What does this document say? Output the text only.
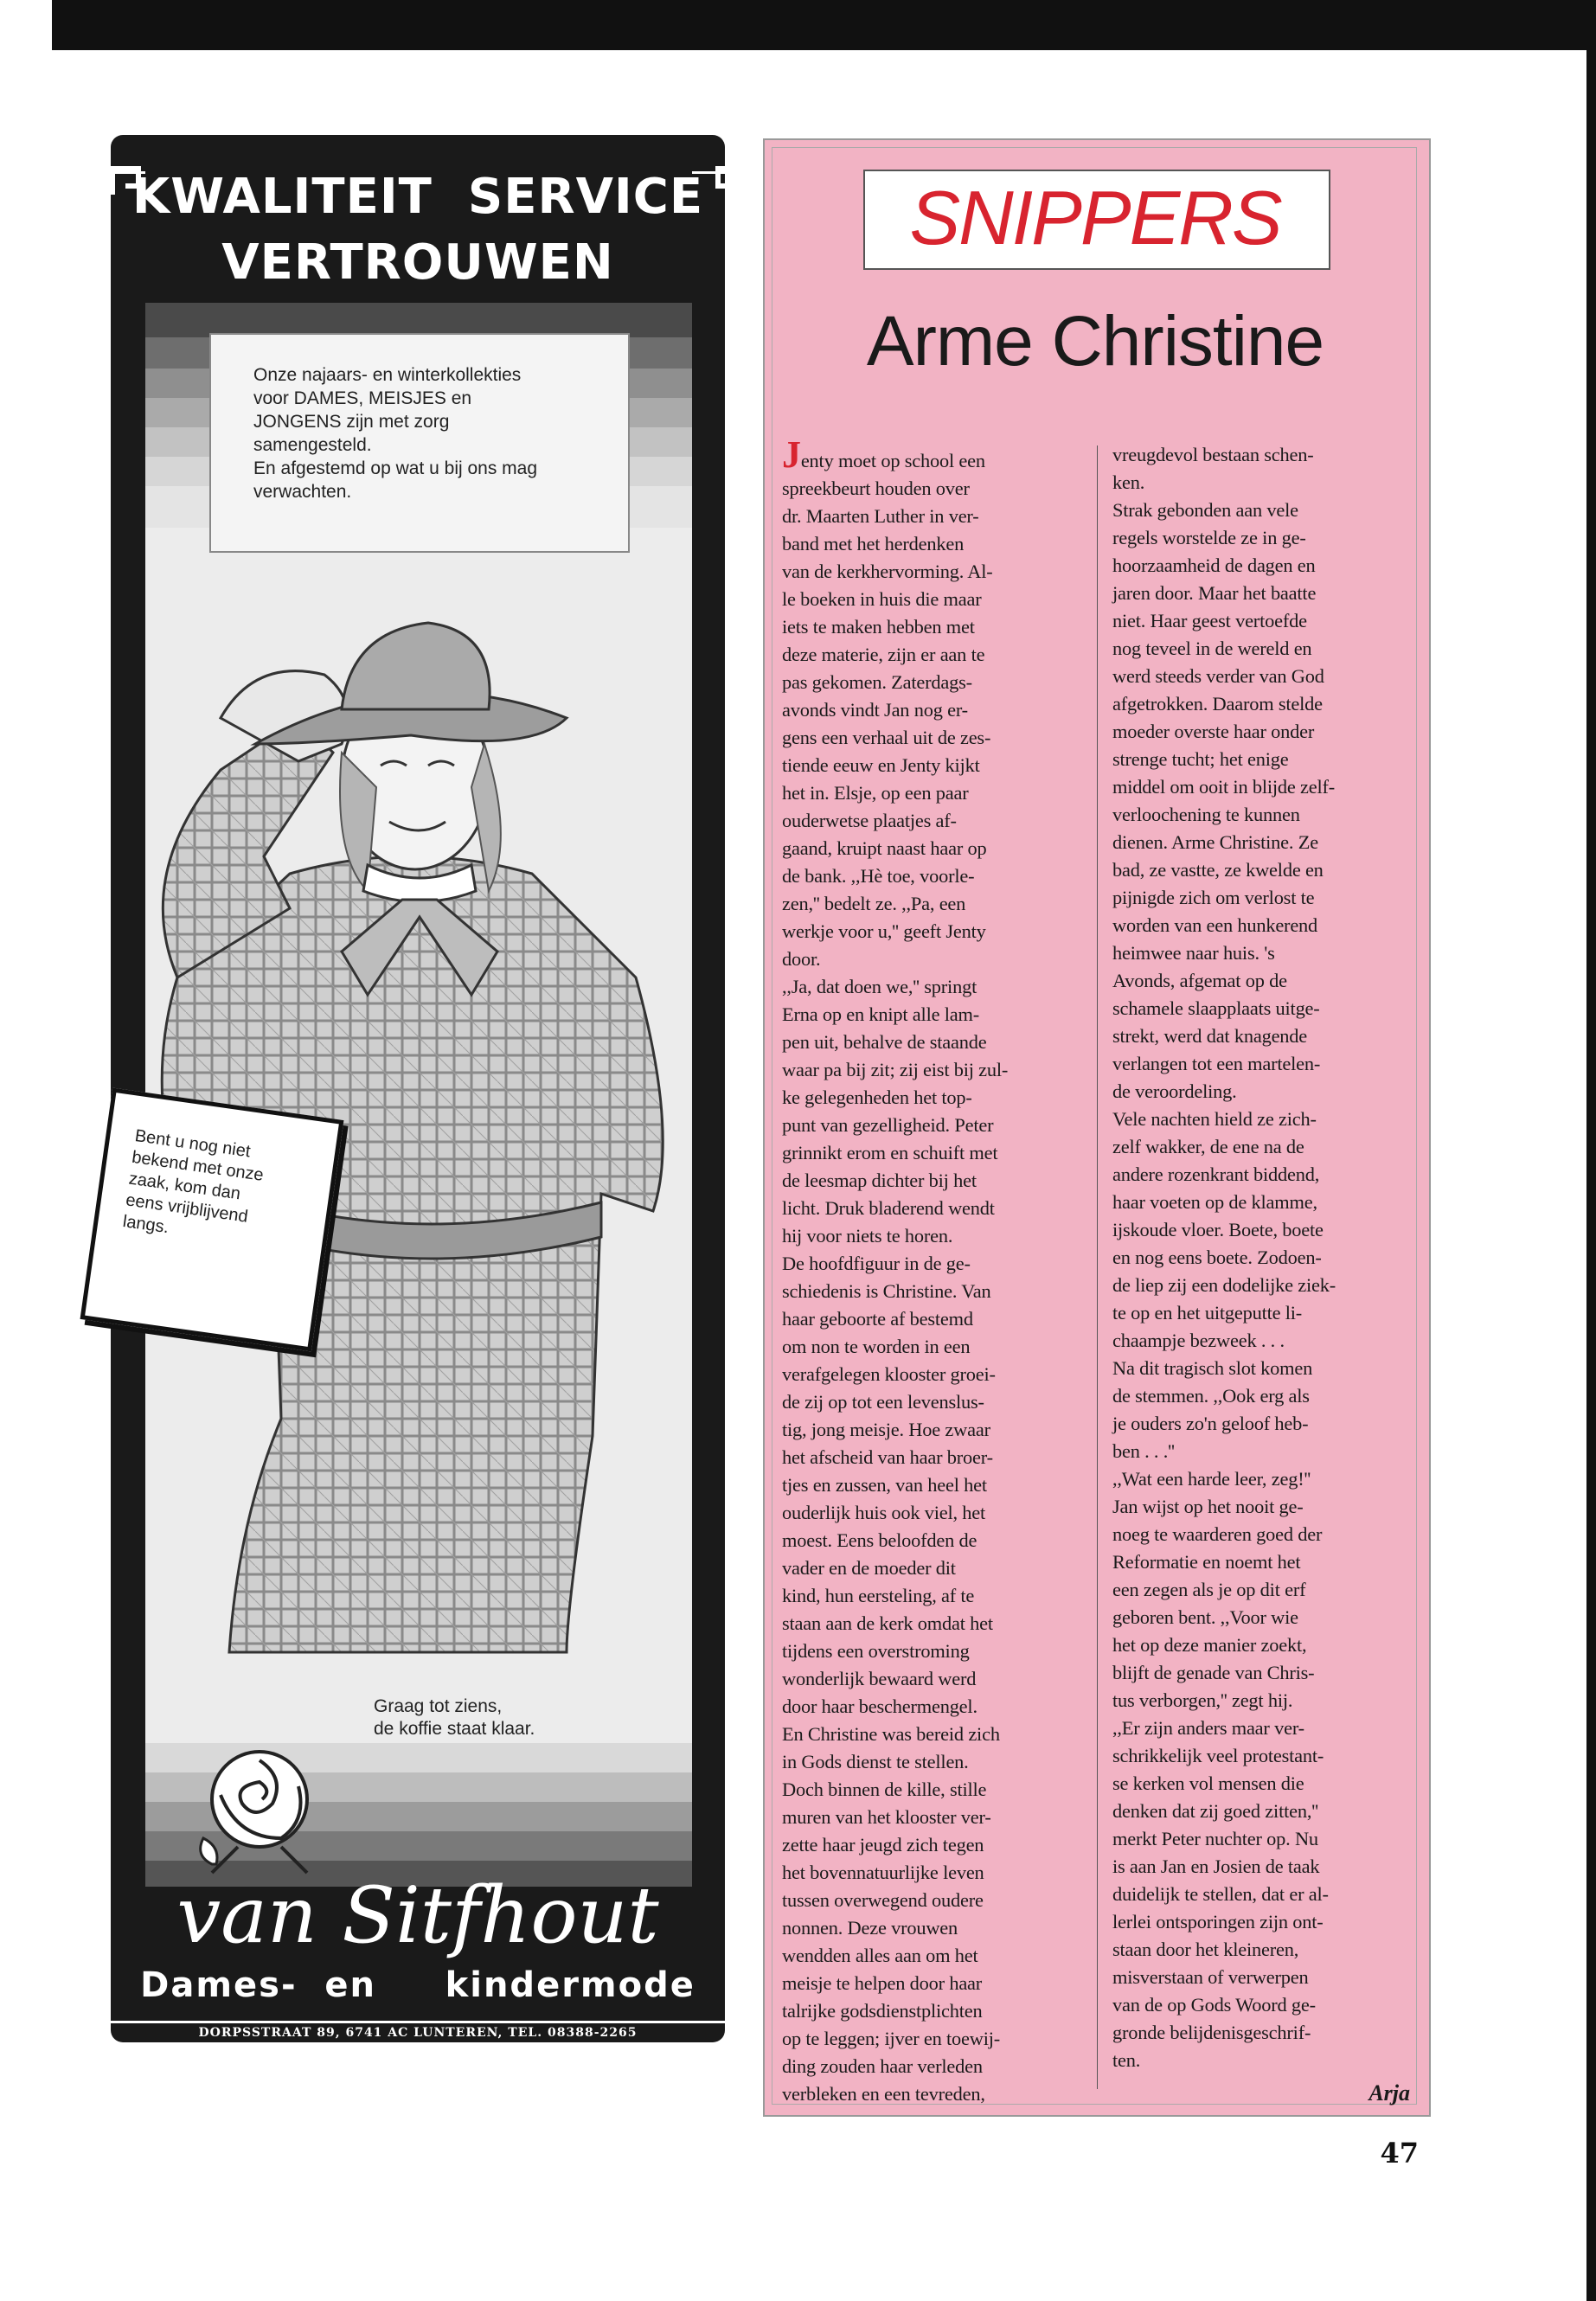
KWALITEIT  SERVICE
VERTROUWEN
Onze najaars- en winterkollekties
voor DAMES, MEISJES en
JONGENS zijn met zorg
samengesteld.
En afgestemd op wat u bij ons mag
verwachten.
Bent u nog niet
bekend met onze
zaak, kom dan
eens vrijblijvend
langs.
Graag tot ziens,
de koffie staat klaar.
van Sitfhout
Dames-  en     kindermode
DORPSSTRAAT 89, 6741 AC LUNTEREN, TEL. 08388-2265
maandagmorgen gesloten, vrijdag koopavond
SNIPPERS
Arme Christine
Jenty moet op school een
spreekbeurt houden over
dr. Maarten Luther in ver-
band met het herdenken
van de kerkhervorming. Al-
le boeken in huis die maar
iets te maken hebben met
deze materie, zijn er aan te
pas gekomen. Zaterdags-
avonds vindt Jan nog er-
gens een verhaal uit de zes-
tiende eeuw en Jenty kijkt
het in. Elsje, op een paar
ouderwetse plaatjes af-
gaand, kruipt naast haar op
de bank. ,,Hè toe, voorle-
zen,'' bedelt ze. ,,Pa, een
werkje voor u,'' geeft Jenty
door.
,,Ja, dat doen we,'' springt
Erna op en knipt alle lam-
pen uit, behalve de staande
waar pa bij zit; zij eist bij zul-
ke gelegenheden het top-
punt van gezelligheid. Peter
grinnikt erom en schuift met
de leesmap dichter bij het
licht. Druk bladerend wendt
hij voor niets te horen.
De hoofdfiguur in de ge-
schiedenis is Christine. Van
haar geboorte af bestemd
om non te worden in een
verafgelegen klooster groei-
de zij op tot een levenslus-
tig, jong meisje. Hoe zwaar
het afscheid van haar broer-
tjes en zussen, van heel het
ouderlijk huis ook viel, het
moest. Eens beloofden de
vader en de moeder dit
kind, hun eersteling, af te
staan aan de kerk omdat het
tijdens een overstroming
wonderlijk bewaard werd
door haar beschermengel.
En Christine was bereid zich
in Gods dienst te stellen.
Doch binnen de kille, stille
muren van het klooster ver-
zette haar jeugd zich tegen
het bovennatuurlijke leven
tussen overwegend oudere
nonnen. Deze vrouwen
wendden alles aan om het
meisje te helpen door haar
talrijke godsdienstplichten
op te leggen; ijver en toewij-
ding zouden haar verleden
verbleken en een tevreden,
vreugdevol bestaan schen-
ken.
Strak gebonden aan vele
regels worstelde ze in ge-
hoorzaamheid de dagen en
jaren door. Maar het baatte
niet. Haar geest vertoefde
nog teveel in de wereld en
werd steeds verder van God
afgetrokken. Daarom stelde
moeder overste haar onder
strenge tucht; het enige
middel om ooit in blijde zelf-
verloochening te kunnen
dienen. Arme Christine. Ze
bad, ze vastte, ze kwelde en
pijnigde zich om verlost te
worden van een hunkerend
heimwee naar huis. 's
Avonds, afgemat op de
schamele slaapplaats uitge-
strekt, werd dat knagende
verlangen tot een martelen-
de veroordeling.
Vele nachten hield ze zich-
zelf wakker, de ene na de
andere rozenkrant biddend,
haar voeten op de klamme,
ijskoude vloer. Boete, boete
en nog eens boete. Zodoen-
de liep zij een dodelijke ziek-
te op en het uitgeputte li-
chaampje bezweek . . .
Na dit tragisch slot komen
de stemmen. ,,Ook erg als
je ouders zo'n geloof heb-
ben . . .''
,,Wat een harde leer, zeg!''
Jan wijst op het nooit ge-
noeg te waarderen goed der
Reformatie en noemt het
een zegen als je op dit erf
geboren bent. ,,Voor wie
het op deze manier zoekt,
blijft de genade van Chris-
tus verborgen,'' zegt hij.
,,Er zijn anders maar ver-
schrikkelijk veel protestant-
se kerken vol mensen die
denken dat zij goed zitten,''
merkt Peter nuchter op. Nu
is aan Jan en Josien de taak
duidelijk te stellen, dat er al-
lerlei ontsporingen zijn ont-
staan door het kleineren,
misverstaan of verwerpen
van de op Gods Woord ge-
gronde belijdenisgeschrif-
ten.
Arja
47
